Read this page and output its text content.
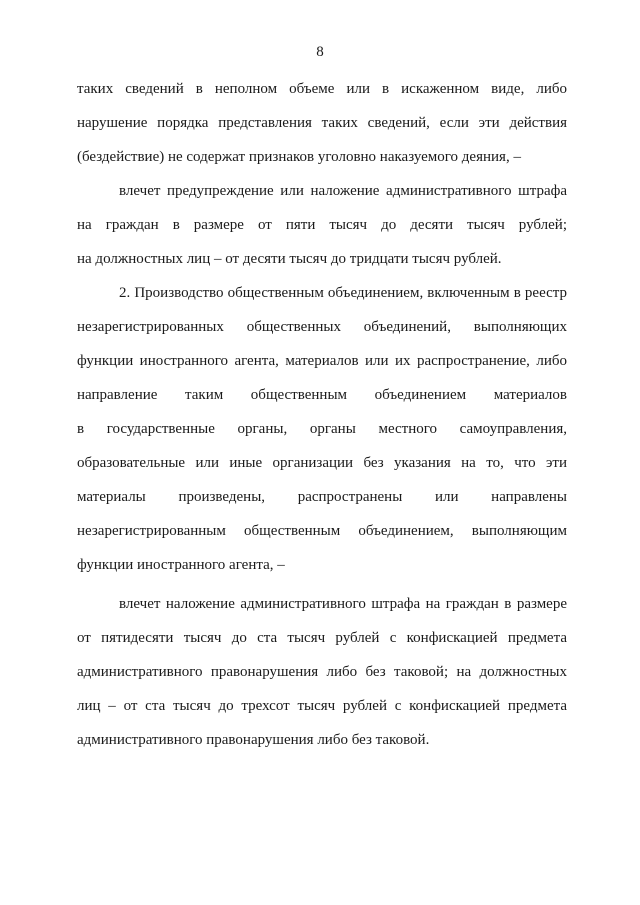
8
таких сведений в неполном объеме или в искаженном виде, либо
нарушение порядка представления таких сведений, если эти действия
(бездействие) не содержат признаков уголовно наказуемого деяния, –
влечет предупреждение или наложение административного штрафа
на граждан в размере от пяти тысяч до десяти тысяч рублей;
на должностных лиц – от десяти тысяч до тридцати тысяч рублей.
2. Производство общественным объединением, включенным в реестр
незарегистрированных общественных объединений, выполняющих
функции иностранного агента, материалов или их распространение, либо
направление таким общественным объединением материалов
в государственные органы, органы местного самоуправления,
образовательные или иные организации без указания на то, что эти
материалы произведены, распространены или направлены
незарегистрированным общественным объединением, выполняющим
функции иностранного агента, –
влечет наложение административного штрафа на граждан в размере
от пятидесяти тысяч до ста тысяч рублей с конфискацией предмета
административного правонарушения либо без таковой; на должностных
лиц – от ста тысяч до трехсот тысяч рублей с конфискацией предмета
административного правонарушения либо без таковой.
